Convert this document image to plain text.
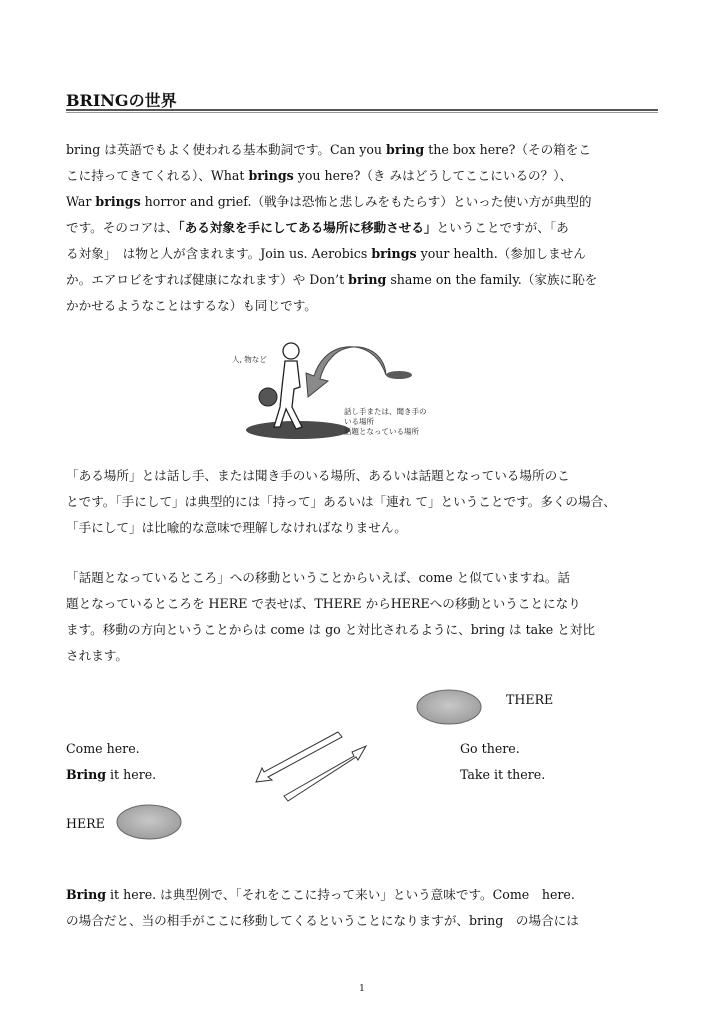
BRINGの世界
bring は英語でもよく使われる基本動詞です。Can you bring the box here?（その箱をこ
こに持ってきてくれる）、What brings you here?（き みはどうしてここにいるの？）、
War brings horror and grief.（戦争は恐怖と悲しみをもたらす）といった使い方が典型的
です。そのコアは、「ある対象を手にしてある場所に移動させる」ということですが、「あ
る対象」　は物と人が含まれます。Join us. Aerobics brings your health.（参加しません
か。エアロビをすれば健康になれます）や Don’t bring shame on the family.（家族に恥を
かかせるようなことはするな）も同じです。
人, 物など
話し手または、聞き手の
いる場所
話題となっている場所
「ある場所」とは話し手、または聞き手のいる場所、あるいは話題となっている場所のこ
とです。「手にして」は典型的には「持って」あるいは「連れ て」ということです。多くの場合、
「手にして」は比喩的な意味で理解しなければなりません。
「話題となっているところ」への移動ということからいえば、come と似ていますね。話
題となっているところを HERE で表せば、THERE からHEREへの移動ということになり
ます。移動の方向ということからは come は go と対比されるように、bring は take と対比
されます。
THERE
Come here.
Bring it here.
Go there.
Take it there.
HERE
Bring it here. は典型例で、「それをここに持って来い」という意味です。Come　here.
の場合だと、当の相手がここに移動してくるということになりますが、bring　の場合には
1
